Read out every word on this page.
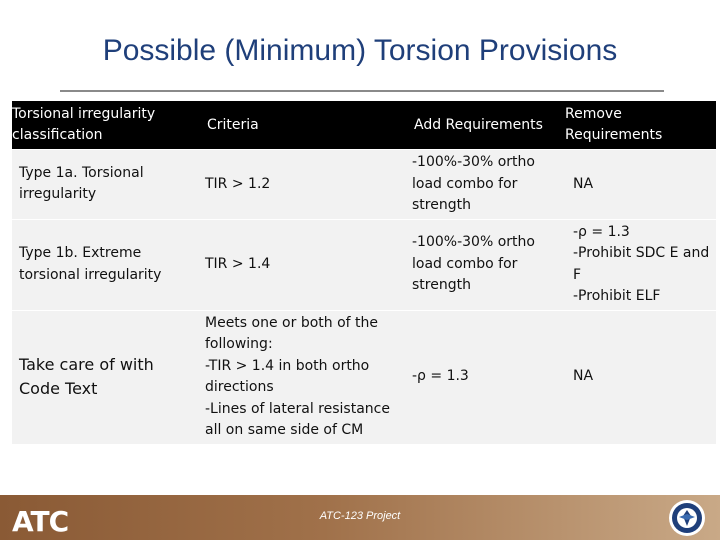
Possible (Minimum) Torsion Provisions
Torsional irregularity classification	Criteria	Add Requirements	Remove Requirements
Type 1a. Torsional irregularity	TIR > 1.2	-100%-30% ortho load combo for strength	NA
Type 1b. Extreme torsional irregularity	TIR > 1.4	-100%-30% ortho load combo for strength	-ρ = 1.3
-Prohibit SDC E and F
-Prohibit ELF

Take care of with Code Text	Meets one or both of the following:
-TIR > 1.4 in both ortho directions
-Lines of lateral resistance all on same side of CM	-ρ = 1.3	NA
ATC	ATC-123 Project
